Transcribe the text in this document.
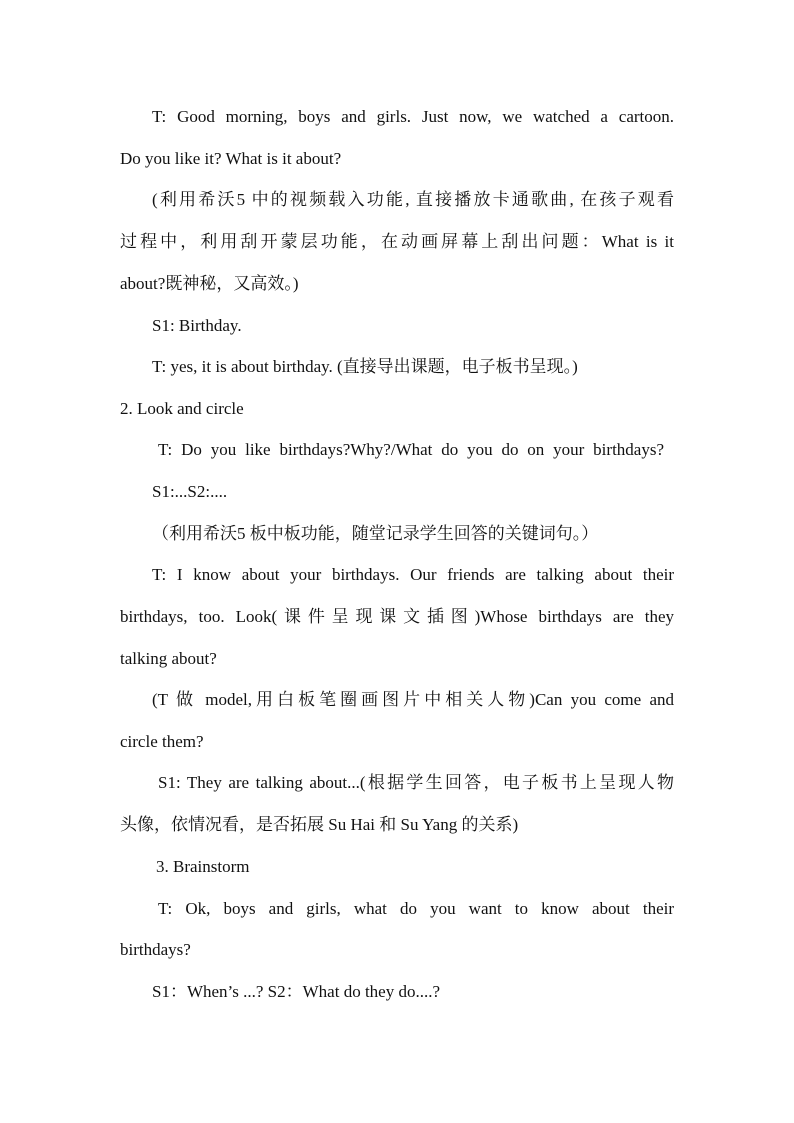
T: Good morning, boys and girls. Just now, we watched a cartoon.
Do you like it? What is it about?
(利用希沃5 中的视频载入功能, 直接播放卡通歌曲, 在孩子观看
过程中，利用刮开蒙层功能，在动画屏幕上刮出问题：What is it
about?既神秘，又高效。)
S1: Birthday.
T: yes, it is about birthday. (直接导出课题，电子板书呈现。)
2. Look and circle
T: Do you like birthdays?Why?/What do you do on your birthdays?
S1:...S2:....
（利用希沃5 板中板功能，随堂记录学生回答的关键词句。）
T: I know about your birthdays. Our friends are talking about their
birthdays, too. Look(课件呈现课文插图)Whose birthdays are they
talking about?
(T 做 model,用白板笔圈画图片中相关人物)Can you come and
circle them?
S1: They are talking about...(根据学生回答，电子板书上呈现人物
头像，依情况看，是否拓展 Su Hai 和 Su Yang 的关系)
3. Brainstorm
T: Ok, boys and girls, what do you want to know about their
birthdays?
S1：When’s ...? S2：What do they do....?
